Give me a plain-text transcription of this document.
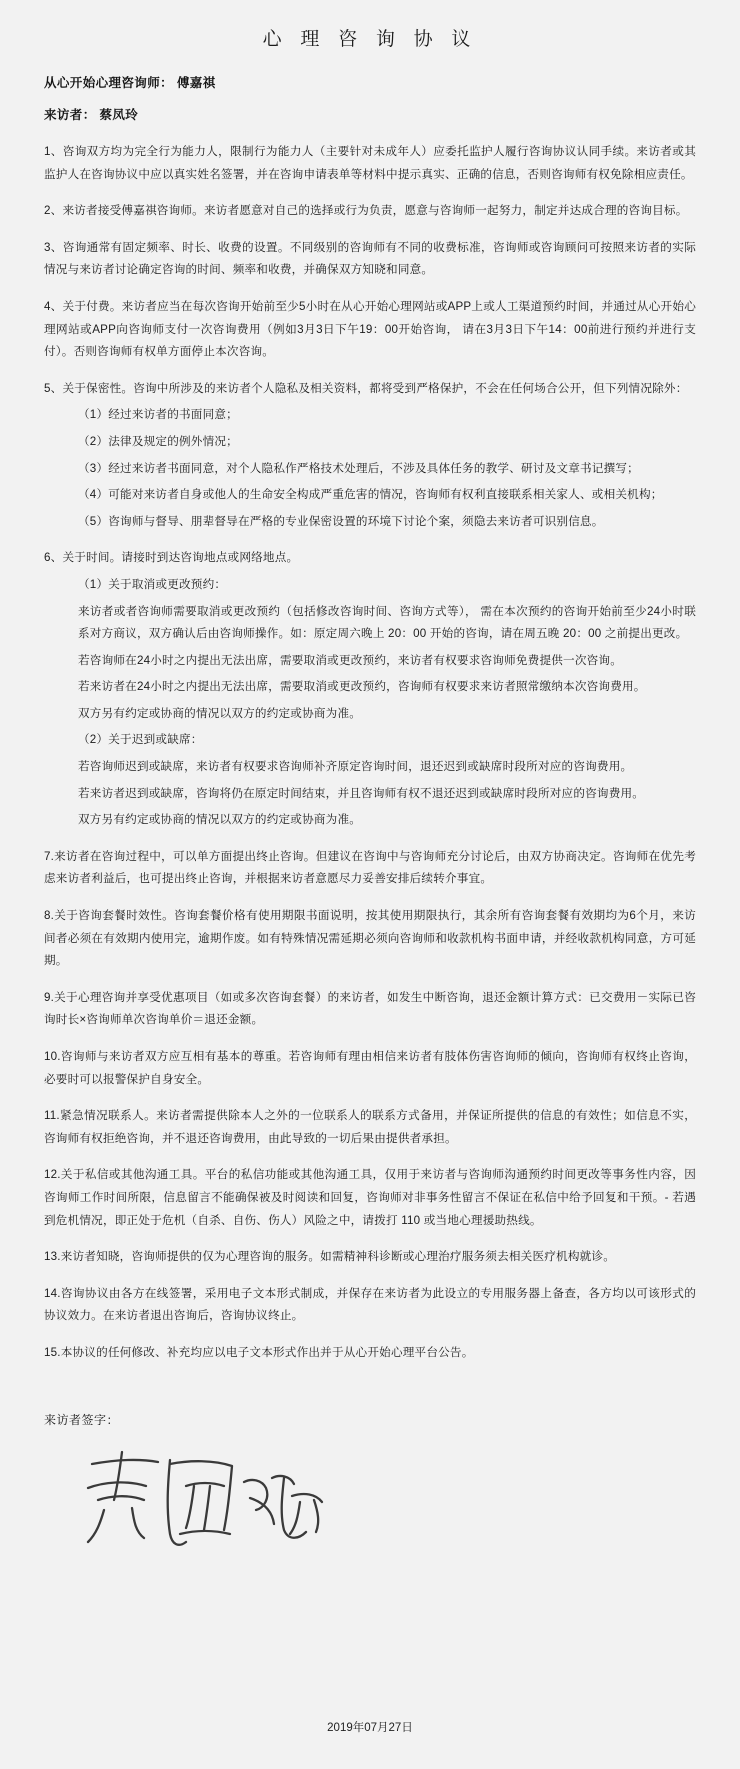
心 理 咨 询 协 议
从心开始心理咨询师： 傅嘉祺
来访者： 蔡凤玲

1、咨询双方均为完全行为能力人，限制行为能力人（主要针对未成年人）应委托监护人履行咨询协议认同手续。来访者或其监护人在咨询协议中应以真实姓名签署，并在咨询申请表单等材料中提示真实、正确的信息，否则咨询师有权免除相应责任。

2、来访者接受傅嘉祺咨询师。来访者愿意对自己的选择或行为负责，愿意与咨询师一起努力，制定并达成合理的咨询目标。

3、咨询通常有固定频率、时长、收费的设置。不同级别的咨询师有不同的收费标准，咨询师或咨询顾问可按照来访者的实际情况与来访者讨论确定咨询的时间、频率和收费，并确保双方知晓和同意。

4、关于付费。来访者应当在每次咨询开始前至少5小时在从心开始心理网站或APP上或人工渠道预约时间，并通过从心开始心理网站或APP向咨询师支付一次咨询费用（例如3月3日下午19：00开始咨询， 请在3月3日下午14：00前进行预约并进行支付）。否则咨询师有权单方面停止本次咨询。

5、关于保密性。咨询中所涉及的来访者个人隐私及相关资料，都将受到严格保护，不会在任何场合公开，但下列情况除外：

（1）经过来访者的书面同意；

（2）法律及规定的例外情况；

（3）经过来访者书面同意，对个人隐私作严格技术处理后，不涉及具体任务的教学、研讨及文章书记撰写；

（4）可能对来访者自身或他人的生命安全构成严重危害的情况，咨询师有权利直接联系相关家人、或相关机构；

（5）咨询师与督导、朋辈督导在严格的专业保密设置的环境下讨论个案，须隐去来访者可识别信息。

6、关于时间。请接时到达咨询地点或网络地点。

（1）关于取消或更改预约：

来访者或者咨询师需要取消或更改预约（包括修改咨询时间、咨询方式等）， 需在本次预约的咨询开始前至少24小时联系对方商议，双方确认后由咨询师操作。如：原定周六晚上 20：00 开始的咨询，请在周五晚 20：00 之前提出更改。

若咨询师在24小时之内提出无法出席，需要取消或更改预约，来访者有权要求咨询师免费提供一次咨询。

若来访者在24小时之内提出无法出席，需要取消或更改预约，咨询师有权要求来访者照常缴纳本次咨询费用。

双方另有约定或协商的情况以双方的约定或协商为准。

（2）关于迟到或缺席：

若咨询师迟到或缺席，来访者有权要求咨询师补齐原定咨询时间，退还迟到或缺席时段所对应的咨询费用。

若来访者迟到或缺席，咨询将仍在原定时间结束，并且咨询师有权不退还迟到或缺席时段所对应的咨询费用。

双方另有约定或协商的情况以双方的约定或协商为准。

7.来访者在咨询过程中，可以单方面提出终止咨询。但建议在咨询中与咨询师充分讨论后，由双方协商决定。咨询师在优先考虑来访者利益后，也可提出终止咨询，并根据来访者意愿尽力妥善安排后续转介事宜。

8.关于咨询套餐时效性。咨询套餐价格有使用期限书面说明，按其使用期限执行，其余所有咨询套餐有效期均为6个月，来访间者必须在有效期内使用完，逾期作废。如有特殊情况需延期必须向咨询师和收款机构书面申请，并经收款机构同意，方可延期。

9.关于心理咨询并享受优惠项目（如或多次咨询套餐）的来访者，如发生中断咨询，退还金额计算方式：已交费用－实际已咨询时长×咨询师单次咨询单价＝退还金额。

10.咨询师与来访者双方应互相有基本的尊重。若咨询师有理由相信来访者有肢体伤害咨询师的倾向，咨询师有权终止咨询，必要时可以报警保护自身安全。

11.紧急情况联系人。来访者需提供除本人之外的一位联系人的联系方式备用，并保证所提供的信息的有效性；如信息不实，咨询师有权拒绝咨询，并不退还咨询费用，由此导致的一切后果由提供者承担。

12.关于私信或其他沟通工具。平台的私信功能或其他沟通工具，仅用于来访者与咨询师沟通预约时间更改等事务性内容，因咨询师工作时间所限，信息留言不能确保被及时阅读和回复，咨询师对非事务性留言不保证在私信中给予回复和干预。- 若遇到危机情况，即正处于危机（自杀、自伤、伤人）风险之中，请拨打 110 或当地心理援助热线。

13.来访者知晓，咨询师提供的仅为心理咨询的服务。如需精神科诊断或心理治疗服务须去相关医疗机构就诊。

14.咨询协议由各方在线签署，采用电子文本形式制成，并保存在来访者为此设立的专用服务器上备查，各方均以可该形式的协议效力。在来访者退出咨询后，咨询协议终止。

15.本协议的任何修改、补充均应以电子文本形式作出并于从心开始心理平台公告。

来访者签字：
2019年07月27日
